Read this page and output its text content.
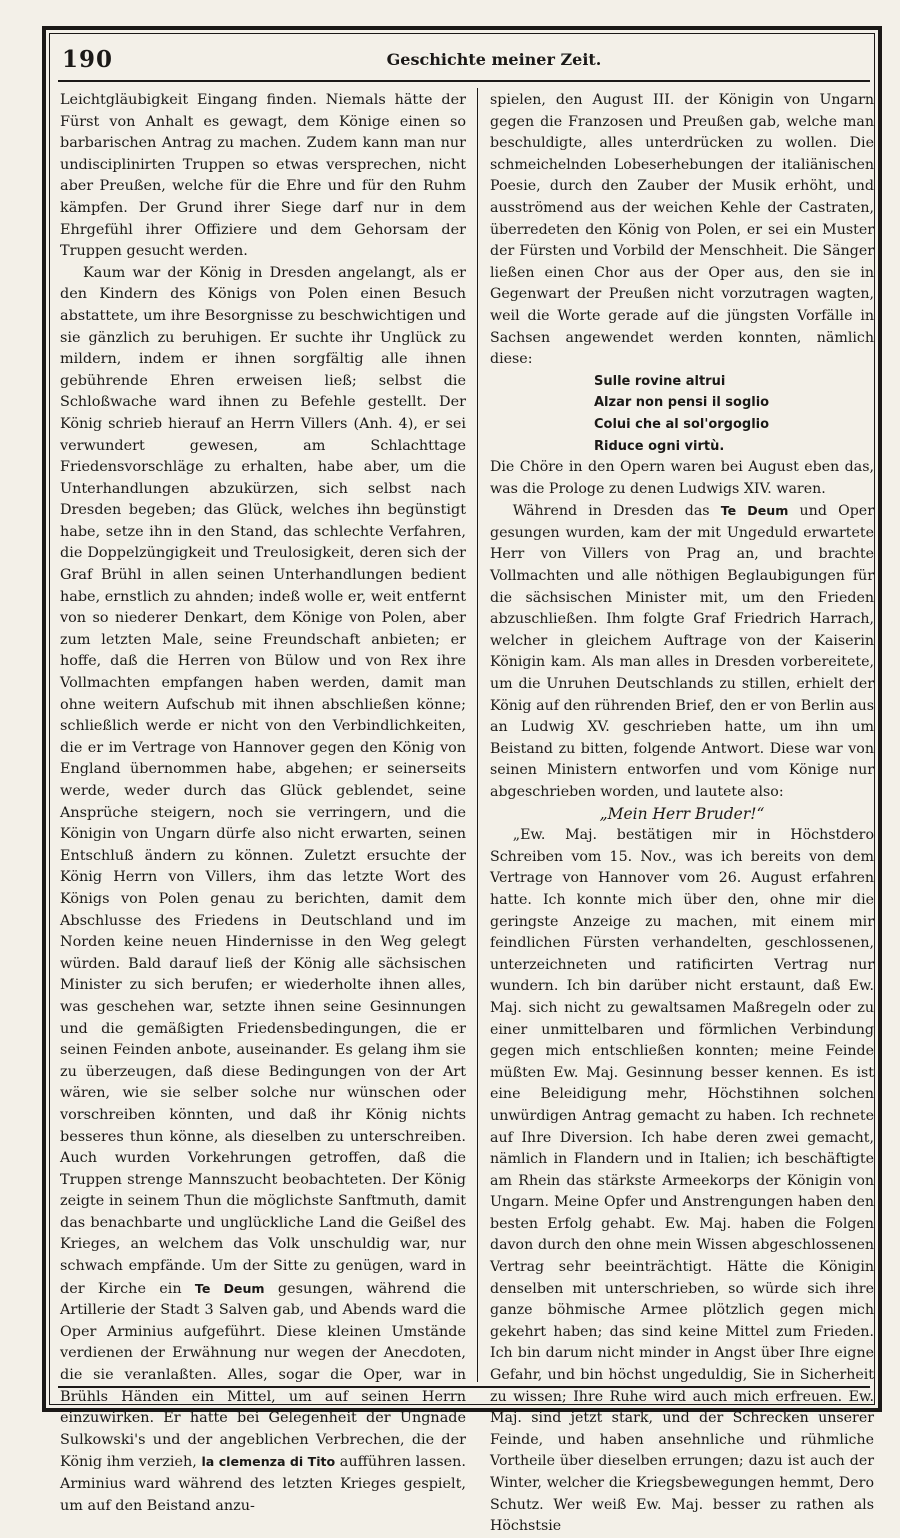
190	Geschichte meiner Zeit.

Leichtgläubigkeit Eingang finden. Niemals hätte der Fürst von Anhalt es gewagt, dem Könige einen so barbarischen Antrag zu machen. Zudem kann man nur undisciplinirten Truppen so etwas versprechen, nicht aber Preußen, welche für die Ehre und für den Ruhm kämpfen. Der Grund ihrer Siege darf nur in dem Ehrgefühl ihrer Offiziere und dem Gehorsam der Truppen gesucht werden.

Kaum war der König in Dresden angelangt, als er den Kindern des Königs von Polen einen Besuch abstattete, um ihre Besorgnisse zu beschwichtigen und sie gänzlich zu beruhigen. Er suchte ihr Unglück zu mildern, indem er ihnen sorgfältig alle ihnen gebührende Ehren erweisen ließ; selbst die Schloßwache ward ihnen zu Befehle gestellt. Der König schrieb hierauf an Herrn Villers (Anh. 4), er sei verwundert gewesen, am Schlachttage Friedensvorschläge zu erhalten, habe aber, um die Unterhandlungen abzukürzen, sich selbst nach Dresden begeben; das Glück, welches ihn begünstigt habe, setze ihn in den Stand, das schlechte Verfahren, die Doppelzüngigkeit und Treulosigkeit, deren sich der Graf Brühl in allen seinen Unterhandlungen bedient habe, ernstlich zu ahnden; indeß wolle er, weit entfernt von so niederer Denkart, dem Könige von Polen, aber zum letzten Male, seine Freundschaft anbieten; er hoffe, daß die Herren von Bülow und von Rex ihre Vollmachten empfangen haben werden, damit man ohne weitern Aufschub mit ihnen abschließen könne; schließlich werde er nicht von den Verbindlichkeiten, die er im Vertrage von Hannover gegen den König von England übernommen habe, abgehen; er seinerseits werde, weder durch das Glück geblendet, seine Ansprüche steigern, noch sie verringern, und die Königin von Ungarn dürfe also nicht erwarten, seinen Entschluß ändern zu können. Zuletzt ersuchte der König Herrn von Villers, ihm das letzte Wort des Königs von Polen genau zu berichten, damit dem Abschlusse des Friedens in Deutschland und im Norden keine neuen Hindernisse in den Weg gelegt würden. Bald darauf ließ der König alle sächsischen Minister zu sich berufen; er wiederholte ihnen alles, was geschehen war, setzte ihnen seine Gesinnungen und die gemäßigten Friedensbedingungen, die er seinen Feinden anbote, auseinander. Es gelang ihm sie zu überzeugen, daß diese Bedingungen von der Art wären, wie sie selber solche nur wünschen oder vorschreiben könnten, und daß ihr König nichts besseres thun könne, als dieselben zu unterschreiben. Auch wurden Vorkehrungen getroffen, daß die Truppen strenge Mannszucht beobachteten. Der König zeigte in seinem Thun die möglichste Sanftmuth, damit das benachbarte und unglückliche Land die Geißel des Krieges, an welchem das Volk unschuldig war, nur schwach empfände. Um der Sitte zu genügen, ward in der Kirche ein Te Deum gesungen, während die Artillerie der Stadt 3 Salven gab, und Abends ward die Oper Arminius aufgeführt. Diese kleinen Umstände verdienen der Erwähnung nur wegen der Anecdoten, die sie veranlaßten. Alles, sogar die Oper, war in Brühls Händen ein Mittel, um auf seinen Herrn einzuwirken. Er hatte bei Gelegenheit der Ungnade Sulkowski's und der angeblichen Verbrechen, die der König ihm verzieh, la clemenza di Tito aufführen lassen. Arminius ward während des letzten Krieges gespielt, um auf den Beistand anzu-

spielen, den August III. der Königin von Ungarn gegen die Franzosen und Preußen gab, welche man beschuldigte, alles unterdrücken zu wollen. Die schmeichelnden Lobeserhebungen der italiänischen Poesie, durch den Zauber der Musik erhöht, und ausströmend aus der weichen Kehle der Castraten, überredeten den König von Polen, er sei ein Muster der Fürsten und Vorbild der Menschheit. Die Sänger ließen einen Chor aus der Oper aus, den sie in Gegenwart der Preußen nicht vorzutragen wagten, weil die Worte gerade auf die jüngsten Vorfälle in Sachsen angewendet werden konnten, nämlich diese:

Sulle rovine altrui
Alzar non pensi il soglio
Colui che al sol'orgoglio
Riduce ogni virtù.

Die Chöre in den Opern waren bei August eben das, was die Prologe zu denen Ludwigs XIV. waren.

Während in Dresden das Te Deum und Oper gesungen wurden, kam der mit Ungeduld erwartete Herr von Villers von Prag an, und brachte Vollmachten und alle nöthigen Beglaubigungen für die sächsischen Minister mit, um den Frieden abzuschließen. Ihm folgte Graf Friedrich Harrach, welcher in gleichem Auftrage von der Kaiserin Königin kam. Als man alles in Dresden vorbereitete, um die Unruhen Deutschlands zu stillen, erhielt der König auf den rührenden Brief, den er von Berlin aus an Ludwig XV. geschrieben hatte, um ihn um Beistand zu bitten, folgende Antwort. Diese war von seinen Ministern entworfen und vom Könige nur abgeschrieben worden, und lautete also:

„Mein Herr Bruder!“

„Ew. Maj. bestätigen mir in Höchstdero Schreiben vom 15. Nov., was ich bereits von dem Vertrage von Hannover vom 26. August erfahren hatte. Ich konnte mich über den, ohne mir die geringste Anzeige zu machen, mit einem mir feindlichen Fürsten verhandelten, geschlossenen, unterzeichneten und ratificirten Vertrag nur wundern. Ich bin darüber nicht erstaunt, daß Ew. Maj. sich nicht zu gewaltsamen Maßregeln oder zu einer unmittelbaren und förmlichen Verbindung gegen mich entschließen konnten; meine Feinde müßten Ew. Maj. Gesinnung besser kennen. Es ist eine Beleidigung mehr, Höchstihnen solchen unwürdigen Antrag gemacht zu haben. Ich rechnete auf Ihre Diversion. Ich habe deren zwei gemacht, nämlich in Flandern und in Italien; ich beschäftigte am Rhein das stärkste Armeekorps der Königin von Ungarn. Meine Opfer und Anstrengungen haben den besten Erfolg gehabt. Ew. Maj. haben die Folgen davon durch den ohne mein Wissen abgeschlossenen Vertrag sehr beeinträchtigt. Hätte die Königin denselben mit unterschrieben, so würde sich ihre ganze böhmische Armee plötzlich gegen mich gekehrt haben; das sind keine Mittel zum Frieden. Ich bin darum nicht minder in Angst über Ihre eigne Gefahr, und bin höchst ungeduldig, Sie in Sicherheit zu wissen; Ihre Ruhe wird auch mich erfreuen. Ew. Maj. sind jetzt stark, und der Schrecken unserer Feinde, und haben ansehnliche und rühmliche Vortheile über dieselben errungen; dazu ist auch der Winter, welcher die Kriegsbewegungen hemmt, Dero Schutz. Wer weiß Ew. Maj. besser zu rathen als Höchstsie
